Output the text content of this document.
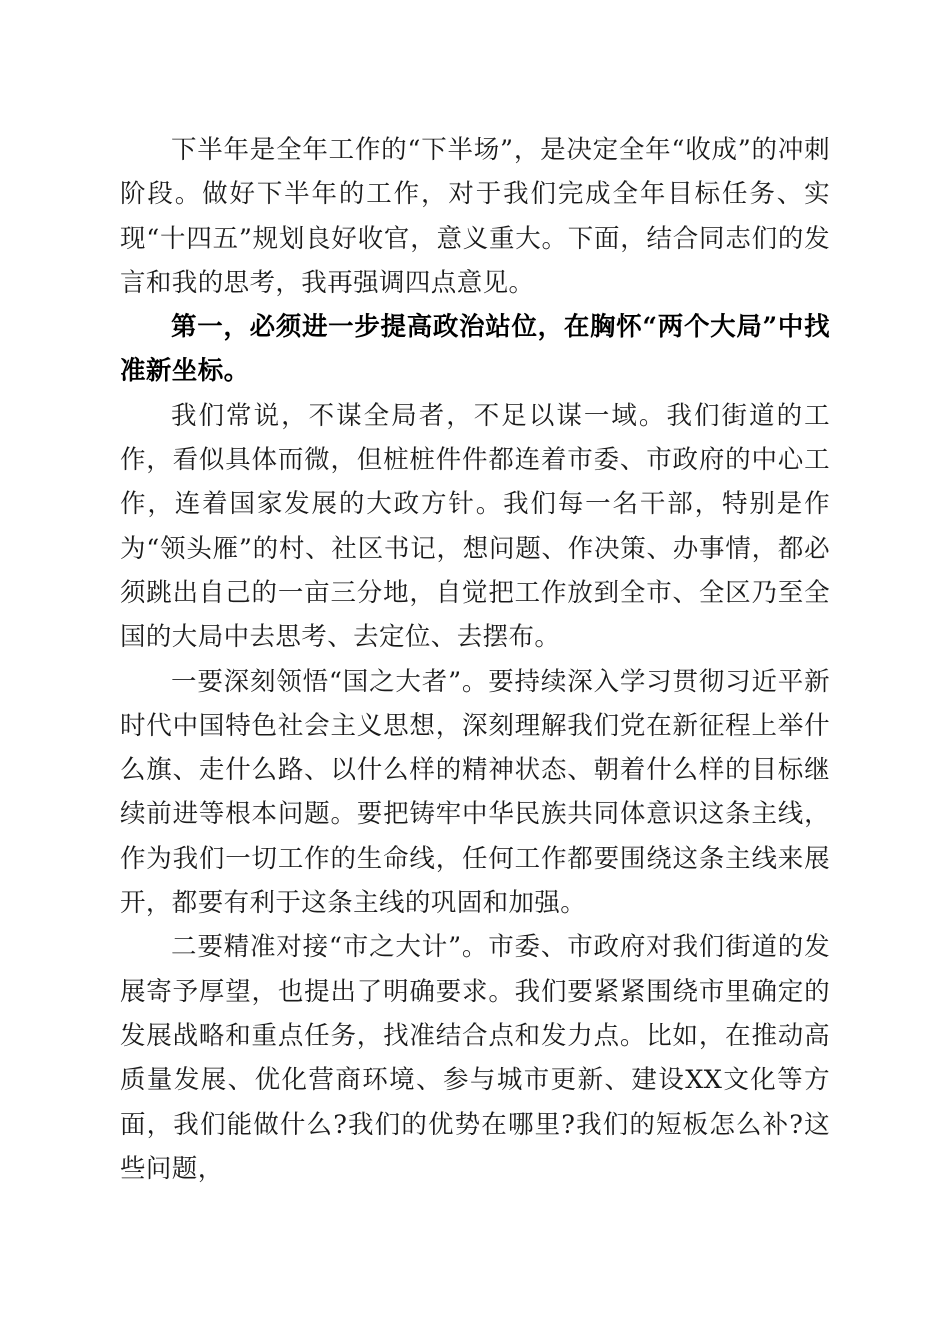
下半年是全年工作的“下半场”，是决定全年“收成”的冲刺阶段。做好下半年的工作，对于我们完成全年目标任务、实现“十四五”规划良好收官，意义重大。下面，结合同志们的发言和我的思考，我再强调四点意见。

第一，必须进一步提高政治站位，在胸怀“两个大局”中找准新坐标。

我们常说，不谋全局者，不足以谋一域。我们街道的工作，看似具体而微，但桩桩件件都连着市委、市政府的中心工作，连着国家发展的大政方针。我们每一名干部，特别是作为“领头雁”的村、社区书记，想问题、作决策、办事情，都必须跳出自己的一亩三分地，自觉把工作放到全市、全区乃至全国的大局中去思考、去定位、去摆布。

一要深刻领悟“国之大者”。要持续深入学习贯彻习近平新时代中国特色社会主义思想，深刻理解我们党在新征程上举什么旗、走什么路、以什么样的精神状态、朝着什么样的目标继续前进等根本问题。要把铸牢中华民族共同体意识这条主线，作为我们一切工作的生命线，任何工作都要围绕这条主线来展开，都要有利于这条主线的巩固和加强。

二要精准对接“市之大计”。市委、市政府对我们街道的发展寄予厚望，也提出了明确要求。我们要紧紧围绕市里确定的发展战略和重点任务，找准结合点和发力点。比如，在推动高质量发展、优化营商环境、参与城市更新、建设XX文化等方面，我们能做什么?我们的优势在哪里?我们的短板怎么补?这些问题，
